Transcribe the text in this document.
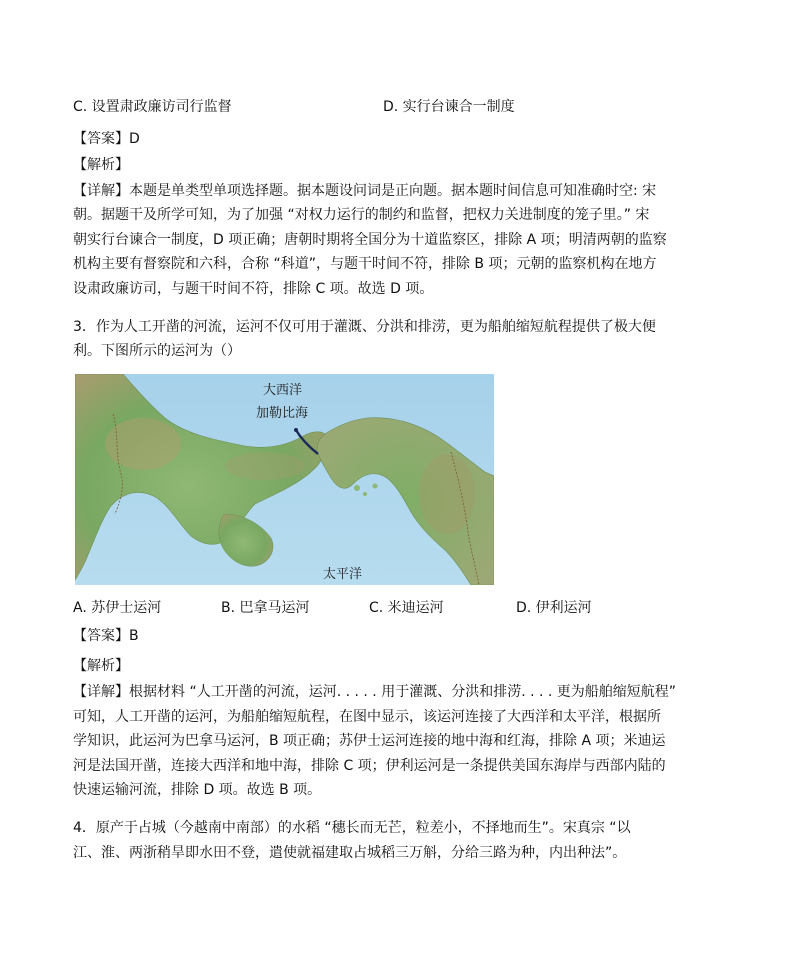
C. 设置肃政廉访司行监督	D. 实行台谏合一制度
【答案】D
【解析】
【详解】本题是单类型单项选择题。据本题设问词是正向题。据本题时间信息可知准确时空: 宋
朝。据题干及所学可知，为了加强 “对权力运行的制约和监督，把权力关进制度的笼子里。” 宋
朝实行台谏合一制度，D 项正确；唐朝时期将全国分为十道监察区，排除 A 项；明清两朝的监察
机构主要有督察院和六科，合称 “科道”，与题干时间不符，排除 B 项；元朝的监察机构在地方
设肃政廉访司，与题干时间不符，排除 C 项。故选 D 项。
3．作为人工开凿的河流，运河不仅可用于灌溉、分洪和排涝，更为船舶缩短航程提供了极大便
利。下图所示的运河为（）
大西洋
加勒比海
太平洋
A. 苏伊士运河	B. 巴拿马运河	C. 米迪运河	D. 伊利运河
【答案】B
【解析】
【详解】根据材料 “人工开凿的河流，运河. . . . . 用于灌溉、分洪和排涝. . . . 更为船舶缩短航程”
可知，人工开凿的运河，为船舶缩短航程，在图中显示，该运河连接了大西洋和太平洋，根据所
学知识，此运河为巴拿马运河，B 项正确；苏伊士运河连接的地中海和红海，排除 A 项；米迪运
河是法国开凿，连接大西洋和地中海，排除 C 项；伊利运河是一条提供美国东海岸与西部内陆的
快速运输河流，排除 D 项。故选 B 项。
4．原产于占城（今越南中南部）的水稻 “穗长而无芒，粒差小，不择地而生”。宋真宗 “以
江、淮、两浙稍旱即水田不登，遣使就福建取占城稻三万斛，分给三路为种，内出种法”。
